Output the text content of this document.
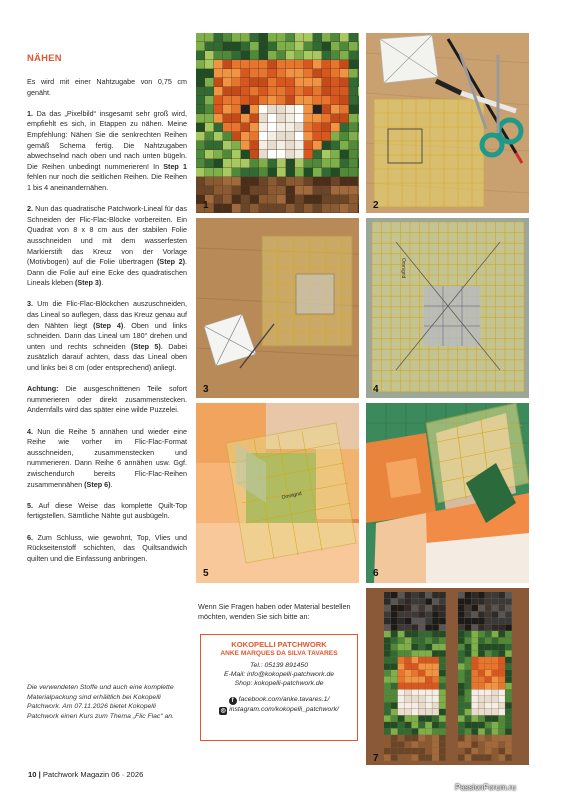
NÄHEN

Es wird mit einer Nahtzugabe von 0,75 cm genäht.

1. Da das „Pixelbild“ insgesamt sehr groß wird, empfiehlt es sich, in Etappen zu nähen. Meine Empfehlung: Nähen Sie die senkrechten Reihen gemäß Schema fertig. Die Nahtzugaben abwechselnd nach oben und nach unten bügeln. Die Reihen unbedingt nummerieren! In Step 1 fehlen nur noch die seitlichen Reihen. Die Reihen 1 bis 4 aneinandernähen.

2. Nun das quadratische Patchwork-Lineal für das Schneiden der Flic-Flac-Blöcke vorbereiten. Ein Quadrat von 8 x 8 cm aus der stabilen Folie ausschneiden und mit dem wasserfesten Markierstift das Kreuz von der Vorlage (Motivbogen) auf die Folie übertragen (Step 2). Dann die Folie auf eine Ecke des quadratischen Lineals kleben (Step 3).

3. Um die Flic-Flac-Blöckchen auszuschneiden, das Lineal so auflegen, dass das Kreuz genau auf den Nähten liegt (Step 4). Oben und links schneiden. Dann das Lineal um 180° drehen und unten und rechts schneiden (Step 5). Dabei zusätzlich darauf achten, dass das Lineal oben und links bei 8 cm (oder entsprechend) anliegt.

Achtung: Die ausgeschnittenen Teile sofort nummerieren oder direkt zusammenstecken. Andernfalls wird das später eine wilde Puzzelei.

4. Nun die Reihe 5 annähen und wieder eine Reihe wie vorher im Flic-Flac-Format ausschneiden, zusammenstecken und nummerieren. Dann Reihe 6 annähen usw. Ggf. zwischendurch bereits Flic-Flac-Reihen zusammennähen (Step 6).

5. Auf diese Weise das komplette Quilt-Top fertigstellen. Sämtliche Nähte gut ausbügeln.

6. Zum Schluss, wie gewohnt, Top, Vlies und Rückseitenstoff schichten, das Quiltsandwich quilten und die Einfassung anbringen.

Die verwendeten Stoffe und auch eine komplette Materialpackung sind erhältlich bei Kokopelli Patchwork. Am 07.11.2026 bietet Kokopelli Patchwork einen Kurs zum Thema „Flic Flac“ an.
1	2
3
Omnigrid
4
Omnigrid
5	6
7
Wenn Sie Fragen haben oder Material bestellen möchten, wenden Sie sich bitte an:
KOKOPELLI PATCHWORK
ANKE MARQUES DA SILVA TAVARES
Tel.: 05139 891450
E-Mail: info@kokopelli-patchwork.de
Shop: kokopelli-patchwork.de
f facebook.com/anke.tavares.1/
◎ instagram.com/kokopelli_patchwork/
10 | Patchwork Magazin 06 · 2026
PassionForum.ru
